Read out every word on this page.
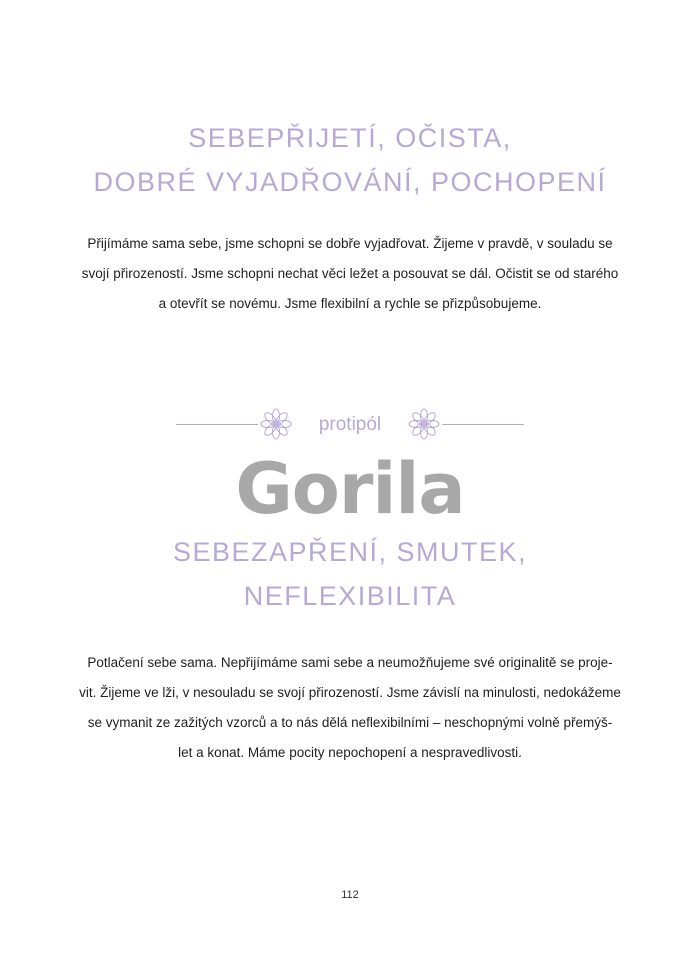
SEBEPŘIJETÍ, OČISTA,
DOBRÉ VYJADŘOVÁNÍ, POCHOPENÍ
Přijímáme sama sebe, jsme schopni se dobře vyjadřovat. Žijeme v pravdě, v souladu se
svojí přirozeností. Jsme schopni nechat věci ležet a posouvat se dál. Očistit se od starého
a otevřít se novému. Jsme flexibilní a rychle se přizpůsobujeme.
protipól
Gorila
SEBEZAPŘENÍ, SMUTEK,
NEFLEXIBILITA
Potlačení sebe sama. Nepřijímáme sami sebe a neumožňujeme své originalitě se proje-
vit. Žijeme ve lži, v nesouladu se svojí přirozeností. Jsme závislí na minulosti, nedokážeme
se vymanit ze zažitých vzorců a to nás dělá neflexibilními – neschopnými volně přemýš-
let a konat. Máme pocity nepochopení a nespravedlivosti.
112
